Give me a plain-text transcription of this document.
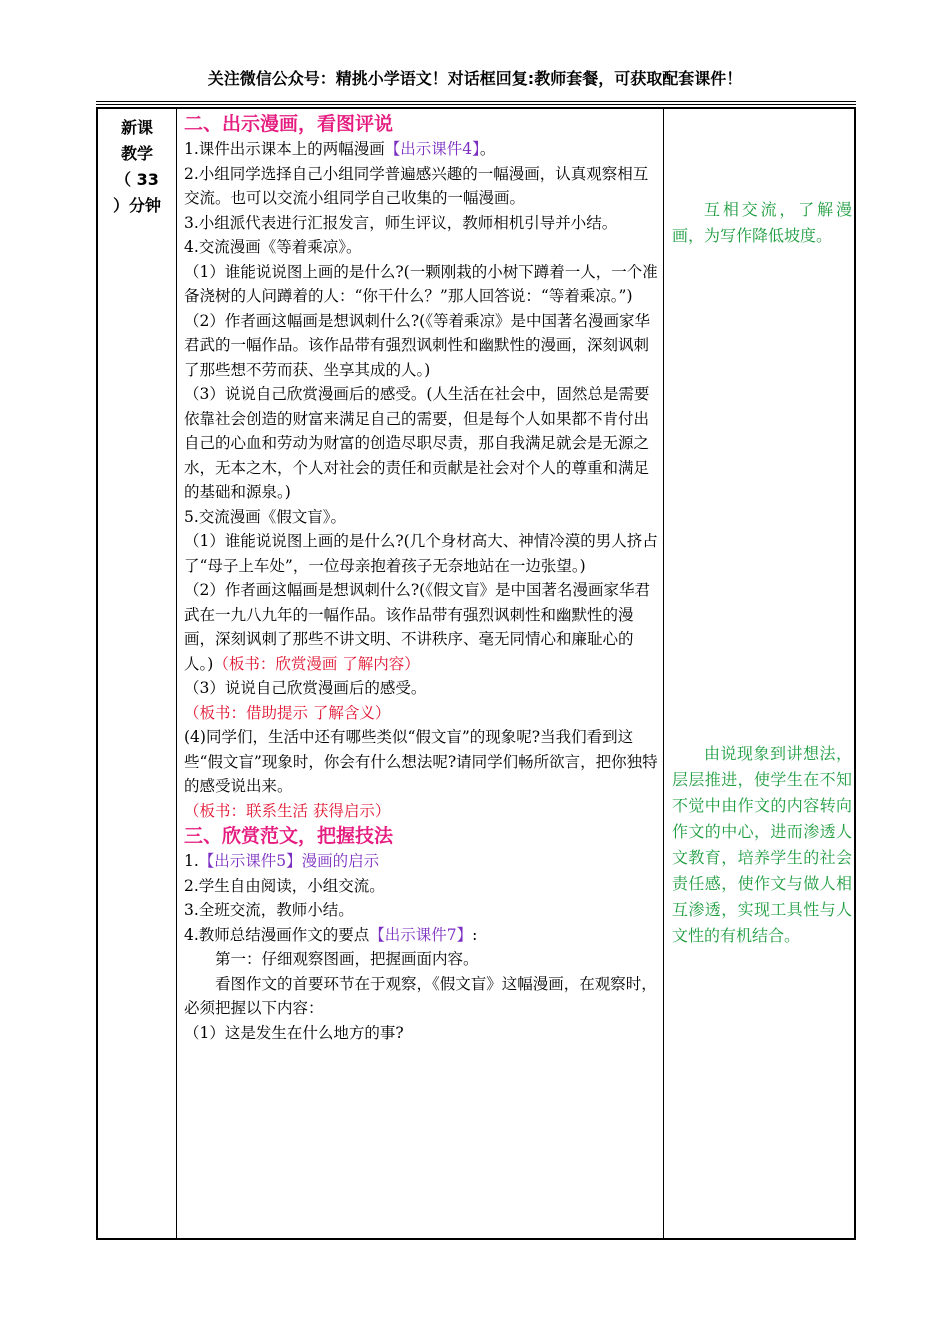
关注微信公众号：精挑小学语文！对话框回复:教师套餐，可获取配套课件！
新课
教学
（ 33
）分钟

二、出示漫画，看图评说

1.课件出示课本上的两幅漫画【出示课件4】。

2.小组同学选择自己小组同学普遍感兴趣的一幅漫画，认真观察相互交流。也可以交流小组同学自己收集的一幅漫画。

3.小组派代表进行汇报发言，师生评议，教师相机引导并小结。

4.交流漫画《等着乘凉》。

（1）谁能说说图上画的是什么?(一颗刚栽的小树下蹲着一人，一个准备浇树的人问蹲着的人：“你干什么？”那人回答说：“等着乘凉。”)

（2）作者画这幅画是想讽刺什么?(《等着乘凉》是中国著名漫画家华君武的一幅作品。该作品带有强烈讽刺性和幽默性的漫画，深刻讽刺了那些想不劳而获、坐享其成的人。)

（3）说说自己欣赏漫画后的感受。(人生活在社会中，固然总是需要依靠社会创造的财富来满足自己的需要，但是每个人如果都不肯付出自己的心血和劳动为财富的创造尽职尽责，那自我满足就会是无源之水，无本之木，个人对社会的责任和贡献是社会对个人的尊重和满足的基础和源泉。)

5.交流漫画《假文盲》。

（1）谁能说说图上画的是什么?(几个身材高大、神情冷漠的男人挤占了“母子上车处”，一位母亲抱着孩子无奈地站在一边张望。)

（2）作者画这幅画是想讽刺什么?(《假文盲》是中国著名漫画家华君武在一九八九年的一幅作品。该作品带有强烈讽刺性和幽默性的漫画，深刻讽刺了那些不讲文明、不讲秩序、毫无同情心和廉耻心的人。)（板书：欣赏漫画 了解内容）

（3）说说自己欣赏漫画后的感受。

（板书：借助提示 了解含义）

(4)同学们，生活中还有哪些类似“假文盲”的现象呢?当我们看到这些“假文盲”现象时，你会有什么想法呢?请同学们畅所欲言，把你独特的感受说出来。

（板书：联系生活 获得启示）

三、欣赏范文，把握技法

1.【出示课件5】漫画的启示

2.学生自由阅读，小组交流。

3.全班交流，教师小结。

4.教师总结漫画作文的要点【出示课件7】:

第一：仔细观察图画，把握画面内容。

看图作文的首要环节在于观察，《假文盲》这幅漫画，在观察时，必须把握以下内容：

（1）这是发生在什么地方的事?

互相交流，了解漫画，为写作降低坡度。

由说现象到讲想法，层层推进，使学生在不知不觉中由作文的内容转向作文的中心，进而渗透人文教育，培养学生的社会责任感，使作文与做人相互渗透，实现工具性与人文性的有机结合。
